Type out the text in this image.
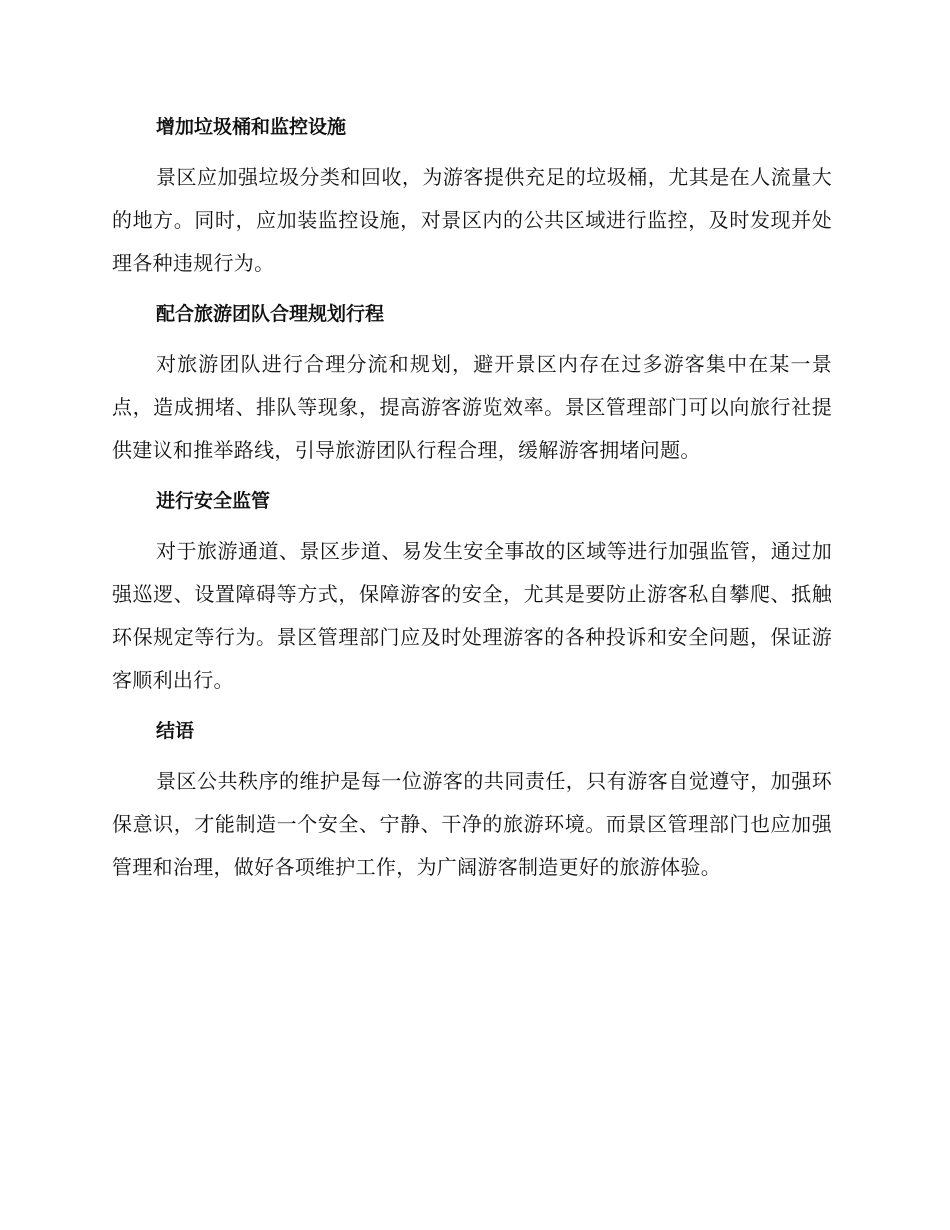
增加垃圾桶和监控设施

景区应加强垃圾分类和回收，为游客提供充足的垃圾桶，尤其是在人流量大的地方。同时，应加装监控设施，对景区内的公共区域进行监控，及时发现并处理各种违规行为。

配合旅游团队合理规划行程

对旅游团队进行合理分流和规划，避开景区内存在过多游客集中在某一景点，造成拥堵、排队等现象，提高游客游览效率。景区管理部门可以向旅行社提供建议和推举路线，引导旅游团队行程合理，缓解游客拥堵问题。

进行安全监管

对于旅游通道、景区步道、易发生安全事故的区域等进行加强监管，通过加强巡逻、设置障碍等方式，保障游客的安全，尤其是要防止游客私自攀爬、抵触环保规定等行为。景区管理部门应及时处理游客的各种投诉和安全问题，保证游客顺利出行。

结语

景区公共秩序的维护是每一位游客的共同责任，只有游客自觉遵守，加强环保意识，才能制造一个安全、宁静、干净的旅游环境。而景区管理部门也应加强管理和治理，做好各项维护工作，为广阔游客制造更好的旅游体验。
